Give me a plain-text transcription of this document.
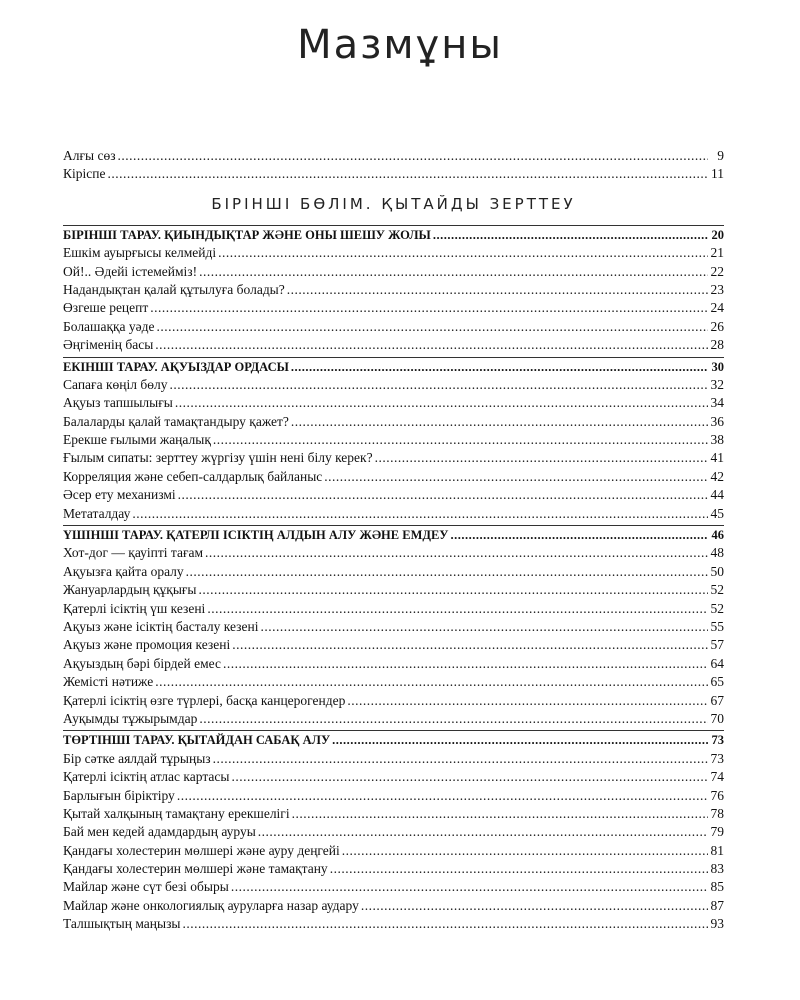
Мазмұны
Алғы сөз .....	9
Кіріспе .....	11
БІРІНШІ БӨЛІМ. ҚЫТАЙДЫ ЗЕРТТЕУ
БІРІНШІ ТАРАУ. ҚИЫНДЫҚТАР ЖӘНЕ ОНЫ ШЕШУ ЖОЛЫ .....	20
Ешкім ауырғысы келмейді .....	21
Ой!.. Әдейі істемейміз! .....	22
Надандықтан қалай құтылуға болады? .....	23
Өзгеше рецепт .....	24
Болашаққа уәде .....	26
Әңгіменің басы .....	28
ЕКІНШІ ТАРАУ. АҚУЫЗДАР ОРДАСЫ .....	30
Сапаға көңіл бөлу .....	32
Ақуыз тапшылығы .....	34
Балаларды қалай тамақтандыру қажет? .....	36
Ерекше ғылыми жаңалық .....	38
Ғылым сипаты: зерттеу жүргізу үшін нені білу керек? .....	41
Корреляция және себеп-салдарлық байланыс .....	42
Әсер ету механизмі .....	44
Метаталдау .....	45
ҮШІНШІ ТАРАУ. ҚАТЕРЛІ ІСІКТІҢ АЛДЫН АЛУ ЖӘНЕ ЕМДЕУ .....	46
Хот-дог — қауіпті тағам .....	48
Ақуызға қайта оралу .....	50
Жануарлардың құқығы .....	52
Қатерлі ісіктің үш кезені .....	52
Ақуыз және ісіктің басталу кезені .....	55
Ақуыз және промоция кезені .....	57
Ақуыздың бәрі бірдей емес .....	64
Жемісті нәтиже .....	65
Қатерлі ісіктің өзге түрлері, басқа канцерогендер .....	67
Ауқымды тұжырымдар .....	70
ТӨРТІНШІ ТАРАУ. ҚЫТАЙДАН САБАҚ АЛУ .....	73
Бір сәтке аялдай тұрыңыз .....	73
Қатерлі ісіктің атлас картасы .....	74
Барлығын біріктіру .....	76
Қытай халқының тамақтану ерекшелігі .....	78
Бай мен кедей адамдардың ауруы .....	79
Қандағы холестерин мөлшері және ауру деңгейі .....	81
Қандағы холестерин мөлшері және тамақтану .....	83
Майлар және сүт безі обыры .....	85
Майлар және онкологиялық ауруларға назар аудару .....	87
Талшықтың маңызы .....	93
